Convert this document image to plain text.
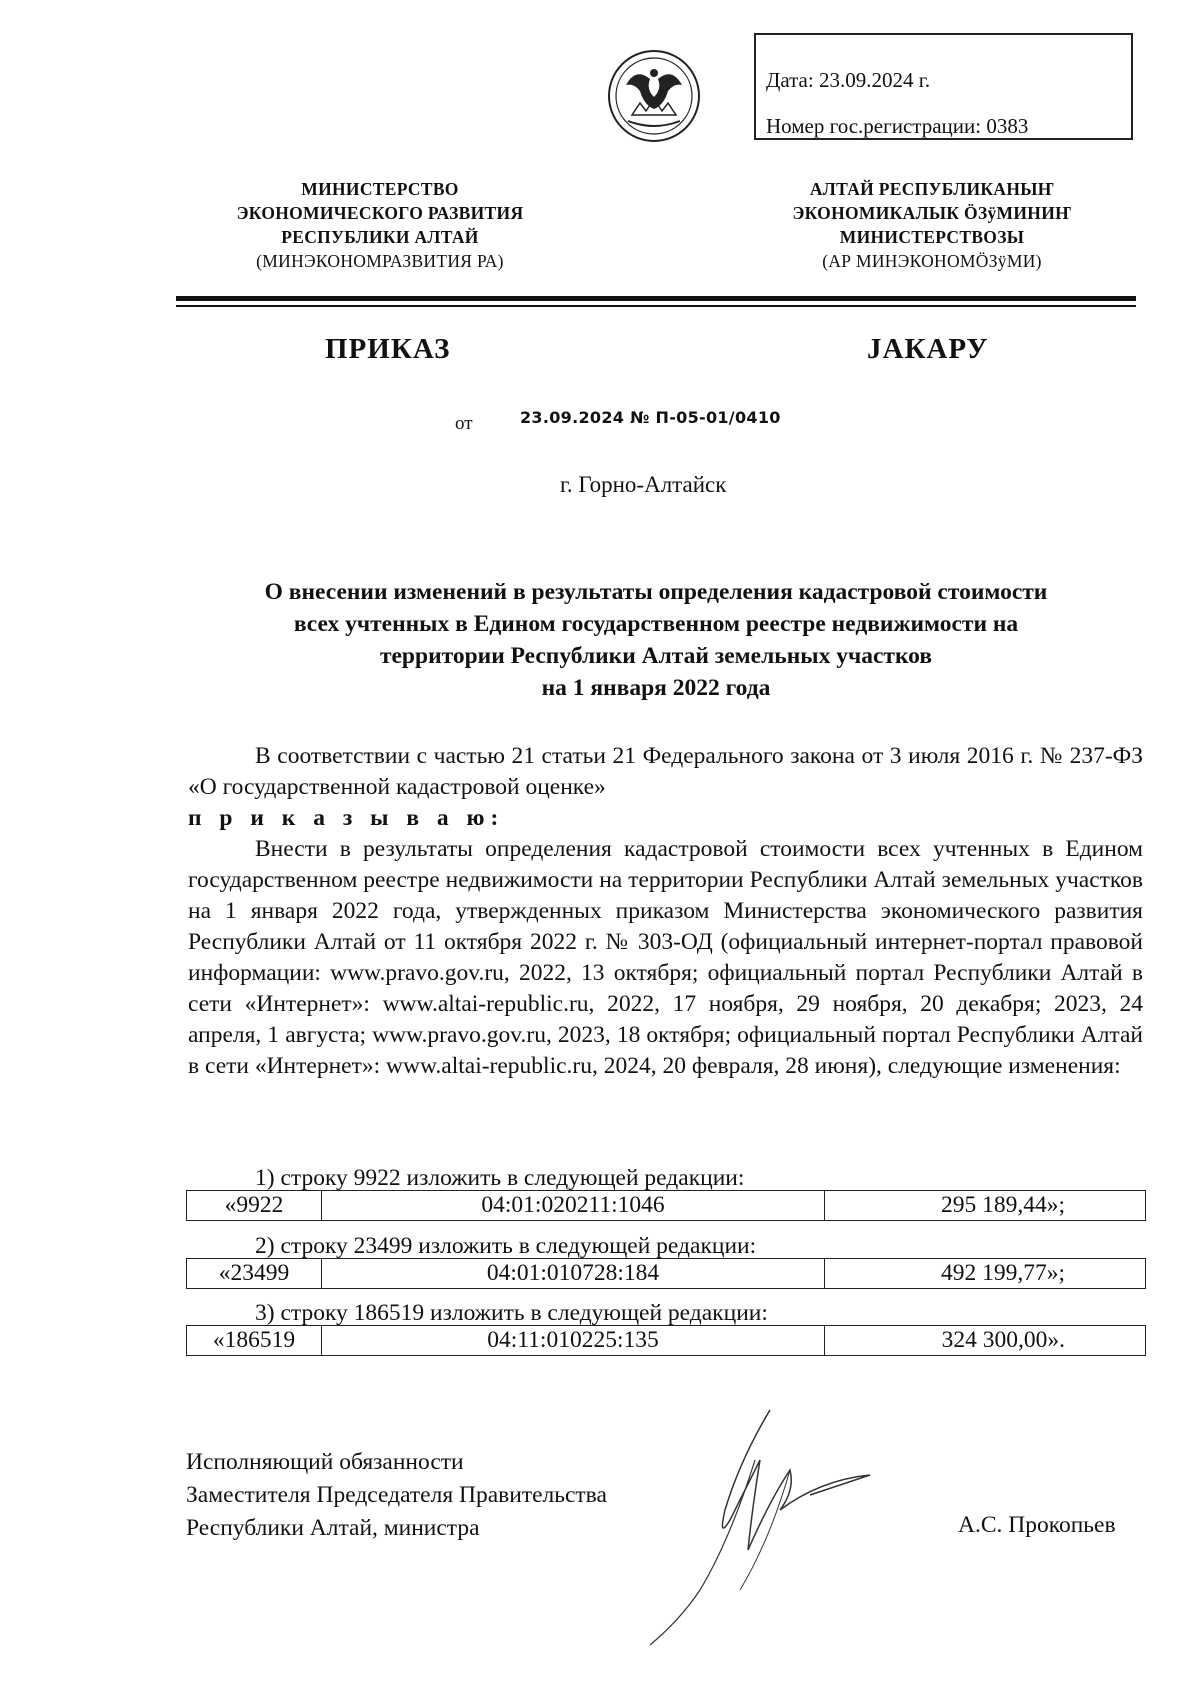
Дата: 23.09.2024 г.
Номер гос.регистрации: 0383
МИНИСТЕРСТВО
ЭКОНОМИЧЕСКОГО РАЗВИТИЯ
РЕСПУБЛИКИ АЛТАЙ
(МИНЭКОНОМРАЗВИТИЯ РА)
АЛТАЙ РЕСПУБЛИКАНЫҤ
ЭКОНОМИКАЛЫК ÖЗÿМИНИҤ
МИНИСТЕРСТВОЗЫ
(АР МИНЭКОНОМÖЗÿМИ)
ПРИКАЗ	JАКАРУ
от	23.09.2024 № П-05-01/0410
г. Горно-Алтайск
О внесении изменений в результаты определения кадастровой стоимости
всех учтенных в Едином государственном реестре недвижимости на
территории Республики Алтай земельных участков
на 1 января 2022 года

В соответствии с частью 21 статьи 21 Федерального закона от 3 июля 2016 г. № 237-ФЗ «О государственной кадастровой оценке»

п р и к а з ы в а ю:

Внести в результаты определения кадастровой стоимости всех учтенных в Едином государственном реестре недвижимости на территории Республики Алтай земельных участков на 1 января 2022 года, утвержденных приказом Министерства экономического развития Республики Алтай от 11 октября 2022 г. № 303-ОД (официальный интернет-портал правовой информации: www.pravo.gov.ru, 2022, 13 октября; официальный портал Республики Алтай в сети «Интернет»: www.altai-republic.ru, 2022, 17 ноября, 29 ноября, 20 декабря; 2023, 24 апреля, 1 августа; www.pravo.gov.ru, 2023, 18 октября; официальный портал Республики Алтай в сети «Интернет»: www.altai-republic.ru, 2024, 20 февраля, 28 июня), следующие изменения:

1) строку 9922 изложить в следующей редакции:
«9922	04:01:020211:1046	295 189,44»;
2) строку 23499 изложить в следующей редакции:
«23499	04:01:010728:184	492 199,77»;
3) строку 186519 изложить в следующей редакции:
«186519	04:11:010225:135	324 300,00».
Исполняющий обязанности
Заместителя Председателя Правительства
Республики Алтай, министра	А.С. Прокопьев
